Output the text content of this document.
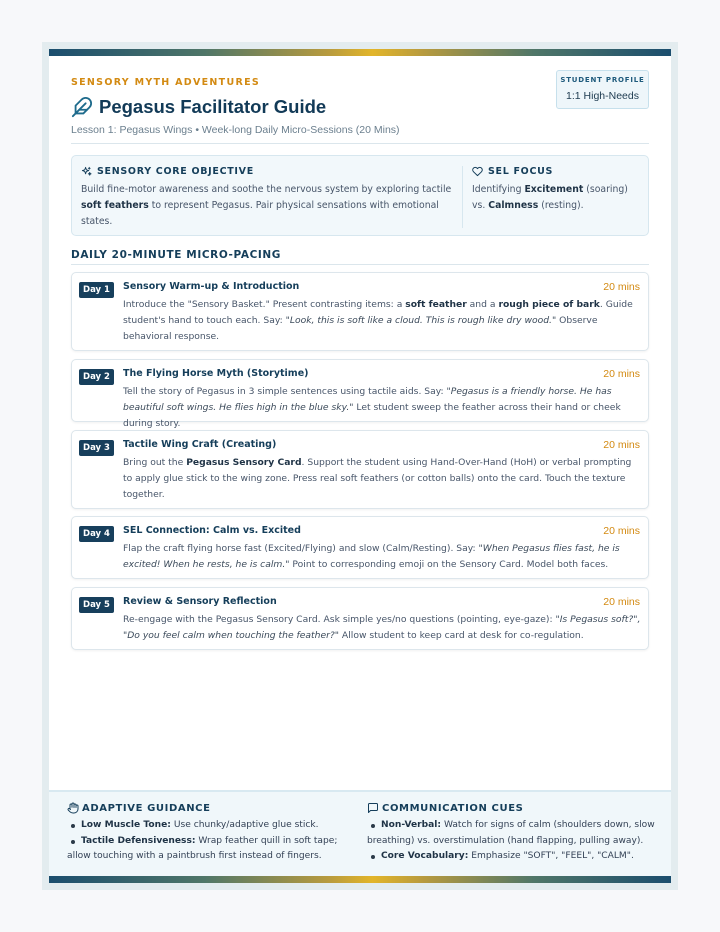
SENSORY MYTH ADVENTURES
Pegasus Facilitator Guide
Lesson 1: Pegasus Wings • Week-long Daily Micro-Sessions (20 Mins)
STUDENT PROFILE
1:1 High-Needs
SENSORY CORE OBJECTIVE
Build fine-motor awareness and soothe the nervous system by exploring tactile soft feathers to represent Pegasus. Pair physical sensations with emotional states.
SEL FOCUS
Identifying Excitement (soaring) vs. Calmness (resting).
DAILY 20-MINUTE MICRO-PACING
Day 1	Sensory Warm-up & Introduction	20 mins
Introduce the "Sensory Basket." Present contrasting items: a soft feather and a rough piece of bark. Guide student's hand to touch each. Say: "Look, this is soft like a cloud. This is rough like dry wood." Observe behavioral response.
Day 2	The Flying Horse Myth (Storytime)	20 mins
Tell the story of Pegasus in 3 simple sentences using tactile aids. Say: "Pegasus is a friendly horse. He has beautiful soft wings. He flies high in the blue sky." Let student sweep the feather across their hand or cheek during story.
Day 3	Tactile Wing Craft (Creating)	20 mins
Bring out the Pegasus Sensory Card. Support the student using Hand-Over-Hand (HoH) or verbal prompting to apply glue stick to the wing zone. Press real soft feathers (or cotton balls) onto the card. Touch the texture together.
Day 4	SEL Connection: Calm vs. Excited	20 mins
Flap the craft flying horse fast (Excited/Flying) and slow (Calm/Resting). Say: "When Pegasus flies fast, he is excited! When he rests, he is calm." Point to corresponding emoji on the Sensory Card. Model both faces.
Day 5	Review & Sensory Reflection	20 mins
Re-engage with the Pegasus Sensory Card. Ask simple yes/no questions (pointing, eye-gaze): "Is Pegasus soft?", "Do you feel calm when touching the feather?" Allow student to keep card at desk for co-regulation.
ADAPTIVE GUIDANCE
Low Muscle Tone: Use chunky/adaptive glue stick.
Tactile Defensiveness: Wrap feather quill in soft tape; allow touching with a paintbrush first instead of fingers.
COMMUNICATION CUES
Non-Verbal: Watch for signs of calm (shoulders down, slow breathing) vs. overstimulation (hand flapping, pulling away).
Core Vocabulary: Emphasize "SOFT", "FEEL", "CALM".
